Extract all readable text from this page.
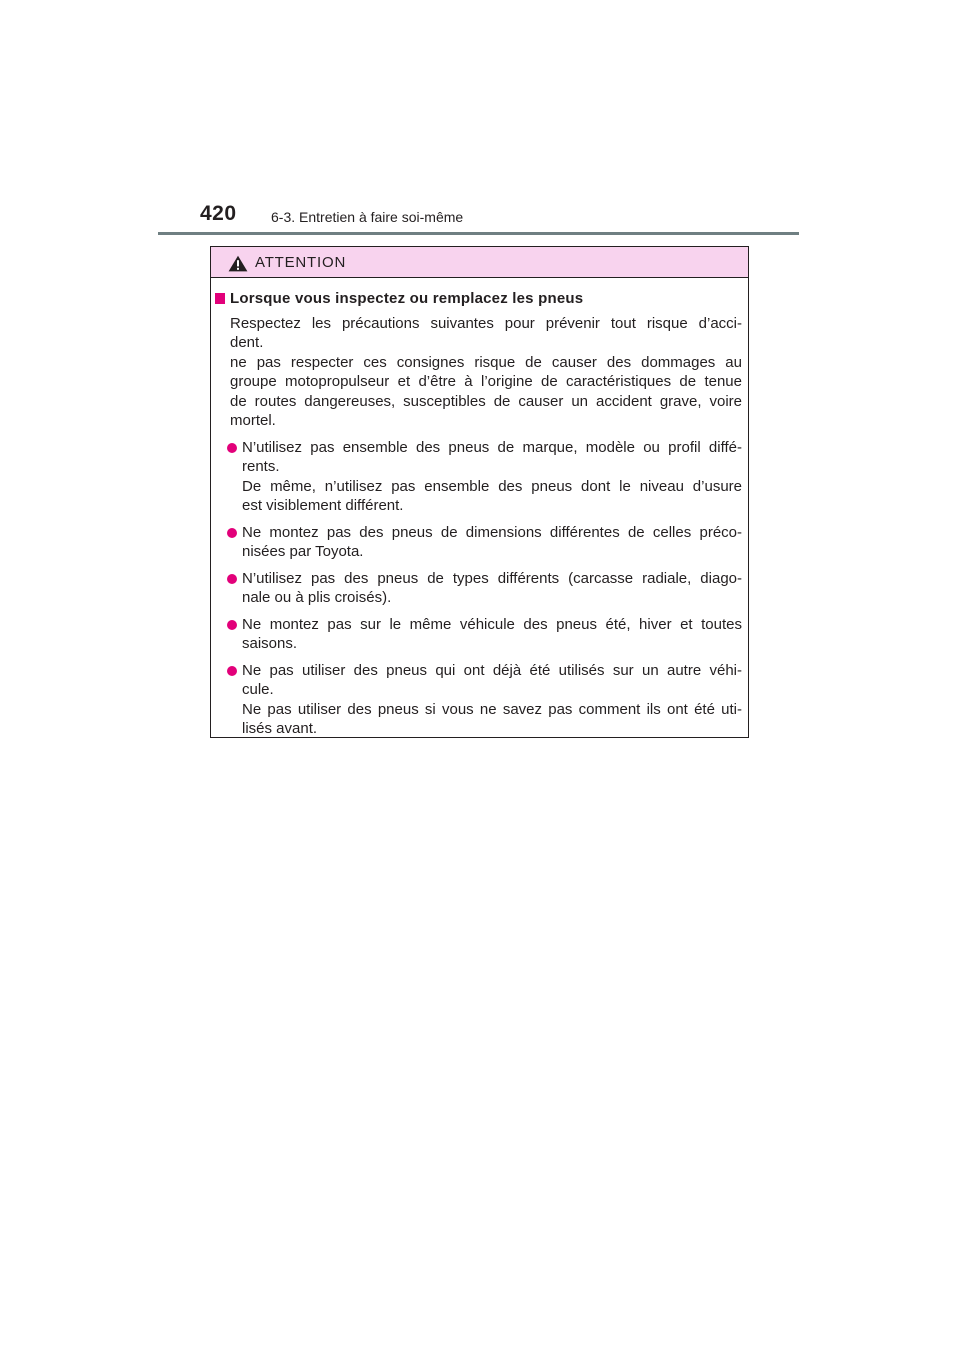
420 6-3. Entretien à faire soi-même
ATTENTION
Lorsque vous inspectez ou remplacez les pneus
Respectez les précautions suivantes pour prévenir tout risque d’acci-
dent.
ne pas respecter ces consignes risque de causer des dommages au
groupe motopropulseur et d’être à l’origine de caractéristiques de tenue
de routes dangereuses, susceptibles de causer un accident grave, voire
mortel.
N’utilisez pas ensemble des pneus de marque, modèle ou profil diffé-
rents.
De même, n’utilisez pas ensemble des pneus dont le niveau d’usure
est visiblement différent.
Ne montez pas des pneus de dimensions différentes de celles préco-
nisées par Toyota.
N’utilisez pas des pneus de types différents (carcasse radiale, diago-
nale ou à plis croisés).
Ne montez pas sur le même véhicule des pneus été, hiver et toutes
saisons.
Ne pas utiliser des pneus qui ont déjà été utilisés sur un autre véhi-
cule.
Ne pas utiliser des pneus si vous ne savez pas comment ils ont été uti-
lisés avant.
